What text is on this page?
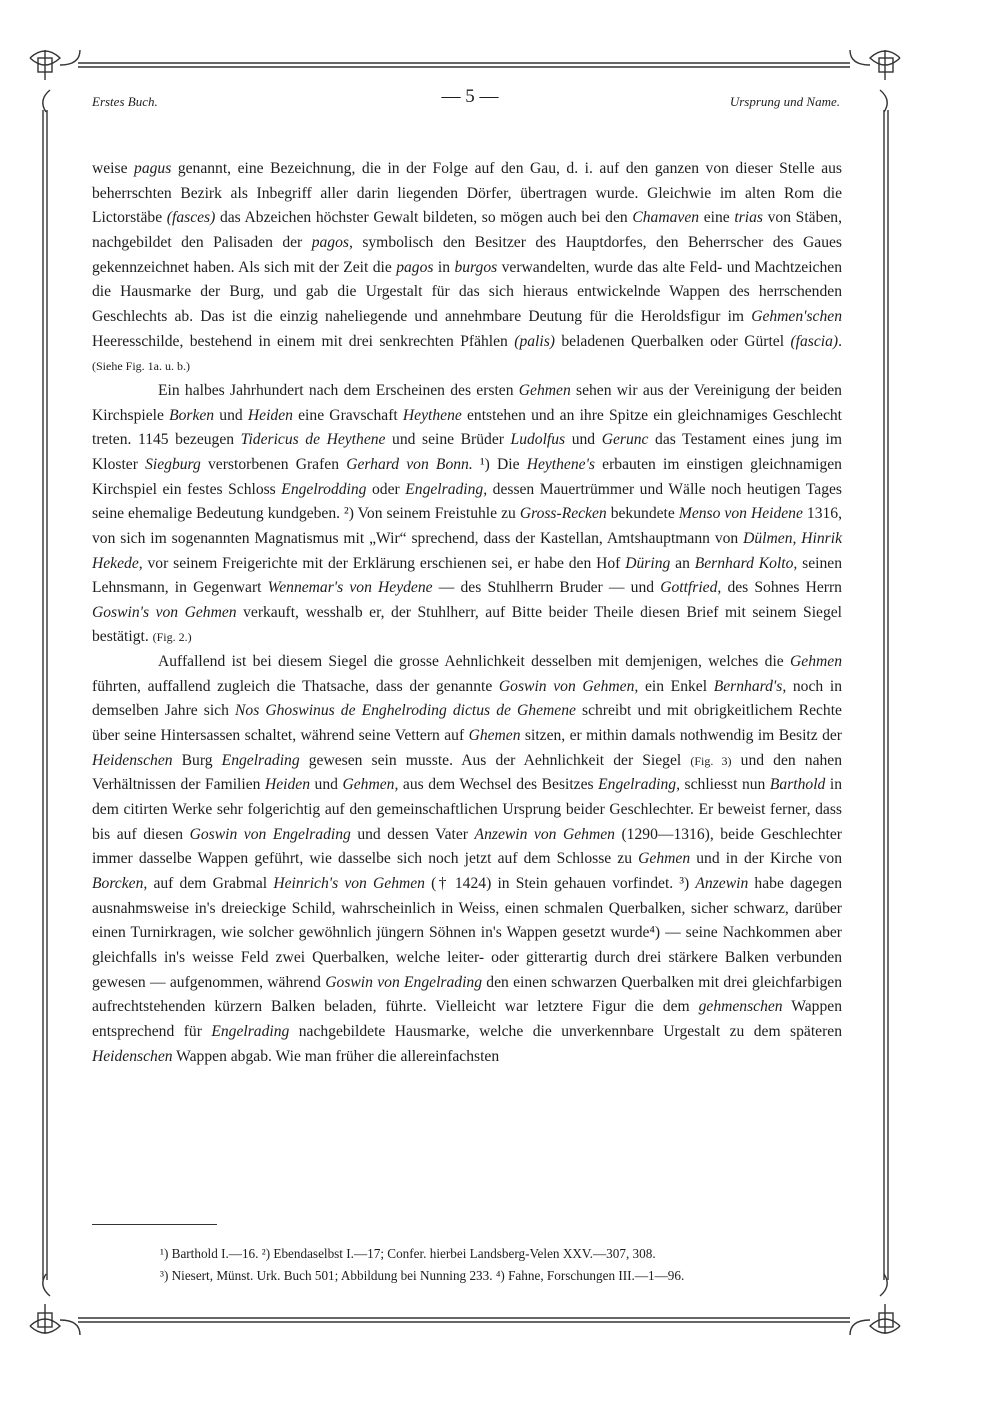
Erstes Buch.	— 5 —	Ursprung und Name.

weise pagus genannt, eine Bezeichnung, die in der Folge auf den Gau, d. i. auf den ganzen von dieser Stelle aus beherrschten Bezirk als Inbegriff aller darin liegenden Dörfer, übertragen wurde. Gleichwie im alten Rom die Lictorstäbe (fasces) das Abzeichen höchster Gewalt bildeten, so mögen auch bei den Chamaven eine trias von Stäben, nachgebildet den Palisaden der pagos, symbolisch den Besitzer des Hauptdorfes, den Beherrscher des Gaues gekennzeichnet haben. Als sich mit der Zeit die pagos in burgos verwandelten, wurde das alte Feld- und Machtzeichen die Hausmarke der Burg, und gab die Urgestalt für das sich hieraus entwickelnde Wappen des herrschenden Geschlechts ab. Das ist die einzig naheliegende und annehmbare Deutung für die Heroldsfigur im Gehmen'schen Heeresschilde, bestehend in einem mit drei senkrechten Pfählen (palis) beladenen Querbalken oder Gürtel (fascia). (Siehe Fig. 1a. u. b.)

Ein halbes Jahrhundert nach dem Erscheinen des ersten Gehmen sehen wir aus der Vereinigung der beiden Kirchspiele Borken und Heiden eine Gravschaft Heythene entstehen und an ihre Spitze ein gleichnamiges Geschlecht treten. 1145 bezeugen Tidericus de Heythene und seine Brüder Ludolfus und Gerunc das Testament eines jung im Kloster Siegburg verstorbenen Grafen Gerhard von Bonn. ¹) Die Heythene's erbauten im einstigen gleichnamigen Kirchspiel ein festes Schloss Engelrodding oder Engelrading, dessen Mauertrümmer und Wälle noch heutigen Tages seine ehemalige Bedeutung kundgeben. ²) Von seinem Freistuhle zu Gross-Recken bekundete Menso von Heidene 1316, von sich im sogenannten Magnatismus mit „Wir“ sprechend, dass der Kastellan, Amtshauptmann von Dülmen, Hinrik Hekede, vor seinem Freigerichte mit der Erklärung erschienen sei, er habe den Hof Düring an Bernhard Kolto, seinen Lehnsmann, in Gegenwart Wennemar's von Heydene — des Stuhlherrn Bruder — und Gottfried, des Sohnes Herrn Goswin's von Gehmen verkauft, wesshalb er, der Stuhlherr, auf Bitte beider Theile diesen Brief mit seinem Siegel bestätigt. (Fig. 2.)

Auffallend ist bei diesem Siegel die grosse Aehnlichkeit desselben mit demjenigen, welches die Gehmen führten, auffallend zugleich die Thatsache, dass der genannte Goswin von Gehmen, ein Enkel Bernhard's, noch in demselben Jahre sich Nos Ghoswinus de Enghelroding dictus de Ghemene schreibt und mit obrigkeitlichem Rechte über seine Hintersassen schaltet, während seine Vettern auf Ghemen sitzen, er mithin damals nothwendig im Besitz der Heidenschen Burg Engelrading gewesen sein musste. Aus der Aehnlichkeit der Siegel (Fig. 3) und den nahen Verhältnissen der Familien Heiden und Gehmen, aus dem Wechsel des Besitzes Engelrading, schliesst nun Barthold in dem citirten Werke sehr folgerichtig auf den gemeinschaftlichen Ursprung beider Geschlechter. Er beweist ferner, dass bis auf diesen Goswin von Engelrading und dessen Vater Anzewin von Gehmen (1290—1316), beide Geschlechter immer dasselbe Wappen geführt, wie dasselbe sich noch jetzt auf dem Schlosse zu Gehmen und in der Kirche von Borcken, auf dem Grabmal Heinrich's von Gehmen († 1424) in Stein gehauen vorfindet. ³) Anzewin habe dagegen ausnahmsweise in's dreieckige Schild, wahrscheinlich in Weiss, einen schmalen Querbalken, sicher schwarz, darüber einen Turnirkragen, wie solcher gewöhnlich jüngern Söhnen in's Wappen gesetzt wurde⁴) — seine Nachkommen aber gleichfalls in's weisse Feld zwei Querbalken, welche leiter- oder gitterartig durch drei stärkere Balken verbunden gewesen — aufgenommen, während Goswin von Engelrading den einen schwarzen Querbalken mit drei gleichfarbigen aufrechtstehenden kürzern Balken beladen, führte. Vielleicht war letztere Figur die dem gehmenschen Wappen entsprechend für Engelrading nachgebildete Hausmarke, welche die unverkennbare Urgestalt zu dem späteren Heidenschen Wappen abgab. Wie man früher die allereinfachsten

¹) Barthold I.—16. ²) Ebendaselbst I.—17; Confer. hierbei Landsberg-Velen XXV.—307, 308.
³) Niesert, Münst. Urk. Buch 501; Abbildung bei Nunning 233. ⁴) Fahne, Forschungen III.—1—96.
